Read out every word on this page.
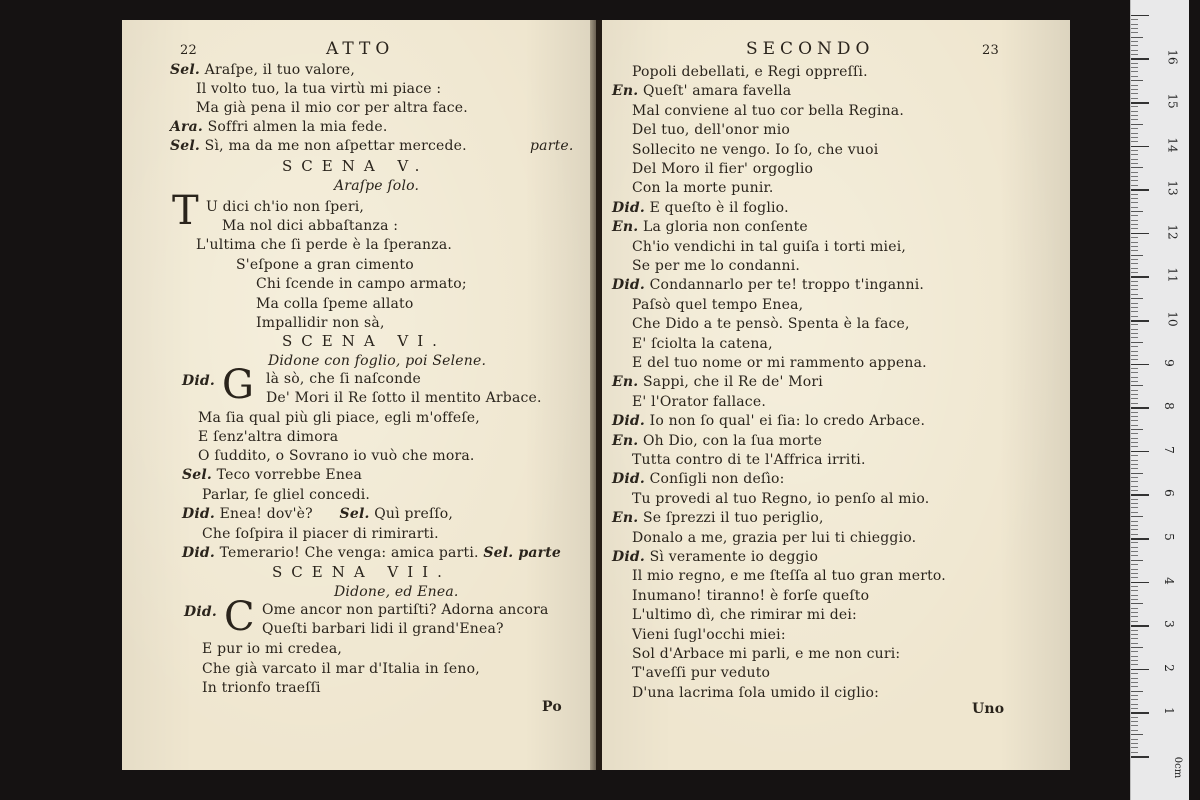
22	ATTO
Sel. Araſpe, il tuo valore,
Il volto tuo, la tua virtù mi piace :
Ma già pena il mio cor per altra face.
Ara. Soffri almen la mia fede.
Sel. Sì, ma da me non aſpettar mercede.	parte.
SCENA V.
Araſpe ſolo.
T U dici ch'io non ſperi,
Ma nol dici abbaſtanza :
L'ultima che ſi perde è la ſperanza.
S'eſpone a gran cimento
Chi ſcende in campo armato;
Ma colla ſpeme allato
Impallidir non sà,
SCENA VI.
Didone con foglio, poi Selene.
Did. G là sò, che ſi naſconde
De' Mori il Re ſotto il mentito Arbace.
Ma ſia qual più gli piace, egli m'offeſe,
E ſenz'altra dimora
O ſuddito, o Sovrano io vuò che mora.
Sel. Teco vorrebbe Enea
Parlar, ſe gliel concedi.
Did. Enea! dov'è? Sel. Quì preſſo,
Che ſoſpira il piacer di rimirarti.
Did. Temerario! Che venga: amica parti. Sel. parte
SCENA VII.
Didone, ed Enea.
Did. C Ome ancor non partiſti? Adorna ancora
Queſti barbari lidi il grand'Enea?
E pur io mi credea,
Che già varcato il mar d'Italia in ſeno,
In trionfo traeſſi
Po
SECONDO	23
Popoli debellati, e Regi oppreſſi.
En. Queſt' amara favella
Mal conviene al tuo cor bella Regina.
Del tuo, dell'onor mio
Sollecito ne vengo. Io ſo, che vuoi
Del Moro il fier' orgoglio
Con la morte punir.
Did. E queſto è il foglio.
En. La gloria non conſente
Ch'io vendichi in tal guiſa i torti miei,
Se per me lo condanni.
Did. Condannarlo per te! troppo t'inganni.
Paſsò quel tempo Enea,
Che Dido a te pensò. Spenta è la face,
E' ſciolta la catena,
E del tuo nome or mi rammento appena.
En. Sappi, che il Re de' Mori
E' l'Orator fallace.
Did. Io non ſo qual' ei ſia: lo credo Arbace.
En. Oh Dio, con la ſua morte
Tutta contro di te l'Affrica irriti.
Did. Conſigli non deſìo:
Tu provedi al tuo Regno, io penſo al mio.
En. Se ſprezzi il tuo periglio,
Donalo a me, grazia per lui ti chieggio.
Did. Sì veramente io deggio
Il mio regno, e me ſteſſa al tuo gran merto.
Inumano! tiranno! è forſe queſto
L'ultimo dì, che rimirar mi dei:
Vieni ſugl'occhi miei:
Sol d'Arbace mi parli, e me non curi:
T'aveſſi pur veduto
D'una lacrima ſola umido il ciglio:
Uno	1
2
3
4
5
6
7
8
9
10
11
12
13
14
15
16
0cm
